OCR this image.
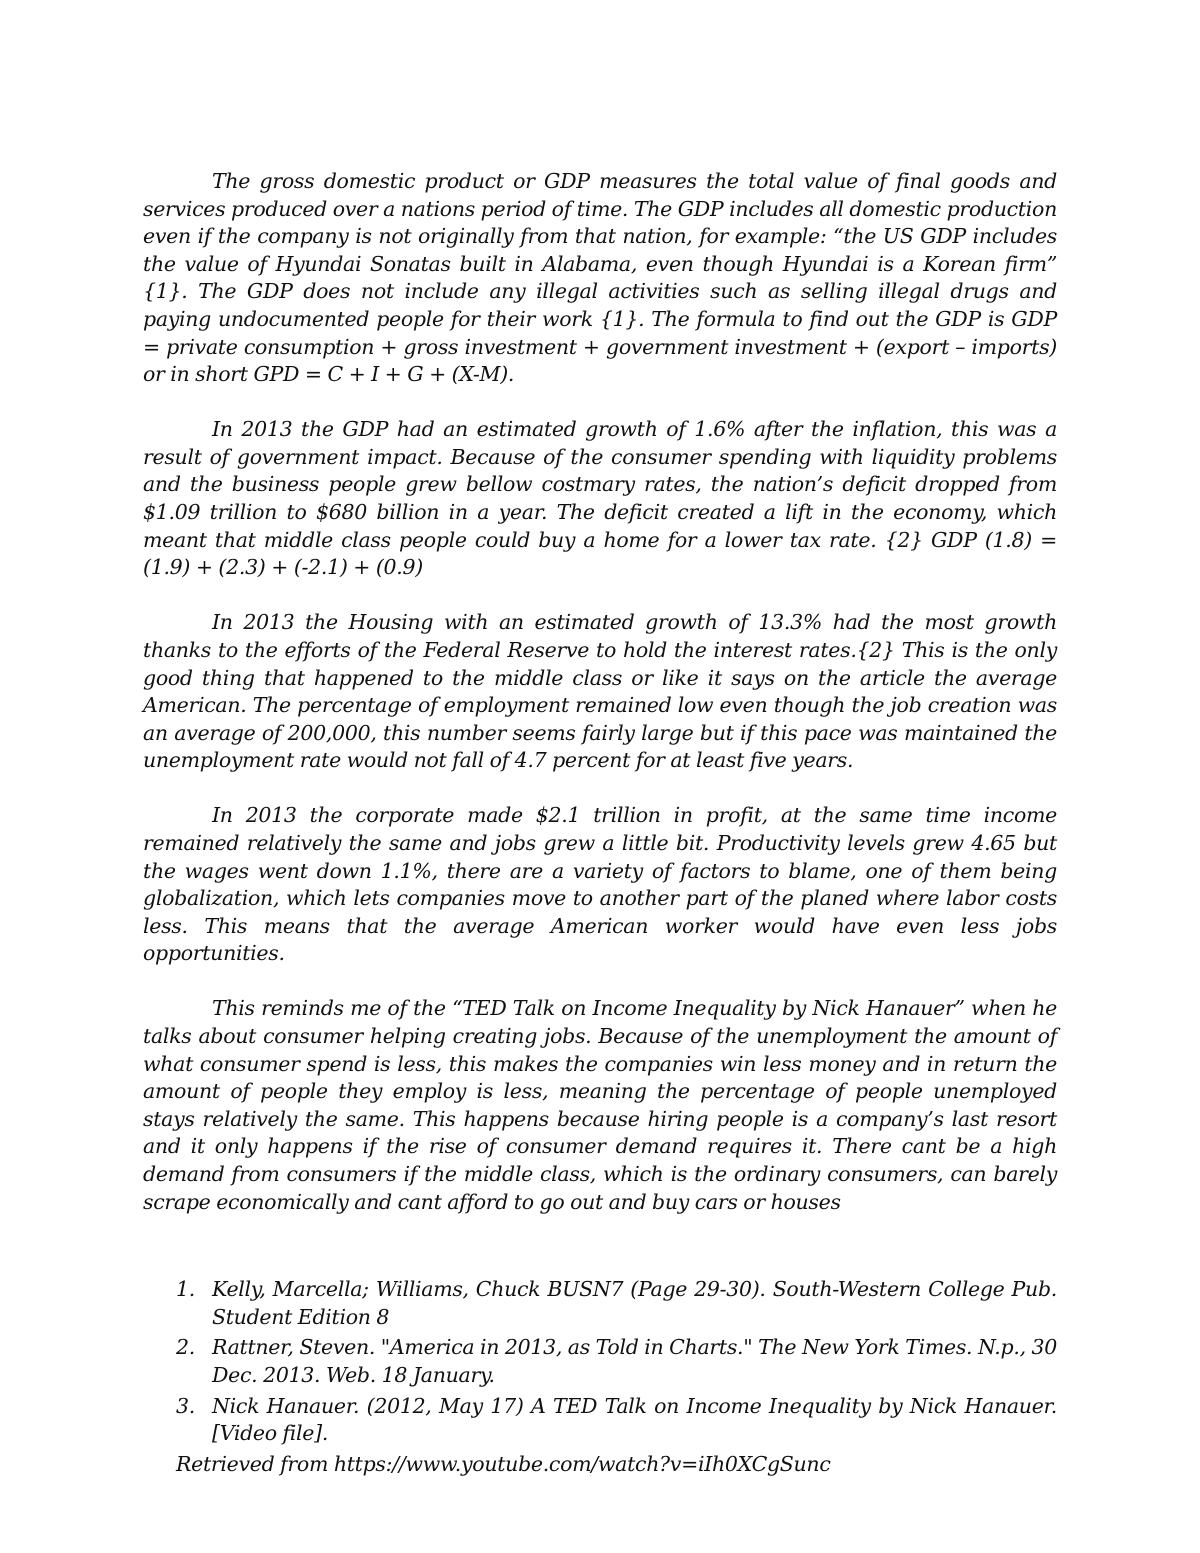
The gross domestic product or GDP measures the total value of final goods and services produced over a nations period of time. The GDP includes all domestic production even if the company is not originally from that nation, for example: “the US GDP includes the value of Hyundai Sonatas built in Alabama, even though Hyundai is a Korean firm” {1}. The GDP does not include any illegal activities such as selling illegal drugs and paying undocumented people for their work {1}. The formula to find out the GDP is GDP = private consumption + gross investment + government investment + (export – imports) or in short GPD = C + I + G + (X-M).

In 2013 the GDP had an estimated growth of 1.6% after the inflation, this was a result of government impact. Because of the consumer spending with liquidity problems and the business people grew bellow costmary rates, the nation’s deficit dropped from $1.09 trillion to $680 billion in a year. The deficit created a lift in the economy, which meant that middle class people could buy a home for a lower tax rate. {2} GDP (1.8) = (1.9) + (2.3) + (-2.1) + (0.9)

In 2013 the Housing with an estimated growth of 13.3% had the most growth thanks to the efforts of the Federal Reserve to hold the interest rates.{2} This is the only good thing that happened to the middle class or like it says on the article the average American. The percentage of employment remained low even though the job creation was an average of 200,000, this number seems fairly large but if this pace was maintained the unemployment rate would not fall of 4.7 percent for at least five years.

In 2013 the corporate made $2.1 trillion in profit, at the same time income remained relatively the same and jobs grew a little bit. Productivity levels grew 4.65 but the wages went down 1.1%, there are a variety of factors to blame, one of them being globalization, which lets companies move to another part of the planed where labor costs less. This means that the average American worker would have even less jobs opportunities.

This reminds me of the “TED Talk on Income Inequality by Nick Hanauer” when he talks about consumer helping creating jobs. Because of the unemployment the amount of what consumer spend is less, this makes the companies win less money and in return the amount of people they employ is less, meaning the percentage of people unemployed stays relatively the same. This happens because hiring people is a company’s last resort and it only happens if the rise of consumer demand requires it. There cant be a high demand from consumers if the middle class, which is the ordinary consumers, can barely scrape economically and cant afford to go out and buy cars or houses

1. Kelly, Marcella; Williams, Chuck BUSN7 (Page 29-30). South-Western College Pub. Student Edition 8
2. Rattner, Steven. "America in 2013, as Told in Charts." The New York Times. N.p., 30 Dec. 2013. Web. 18 January.
3. Nick Hanauer. (2012, May 17) A TED Talk on Income Inequality by Nick Hanauer. [Video file].

Retrieved from https://www.youtube.com/watch?v=iIh0XCgSunc
